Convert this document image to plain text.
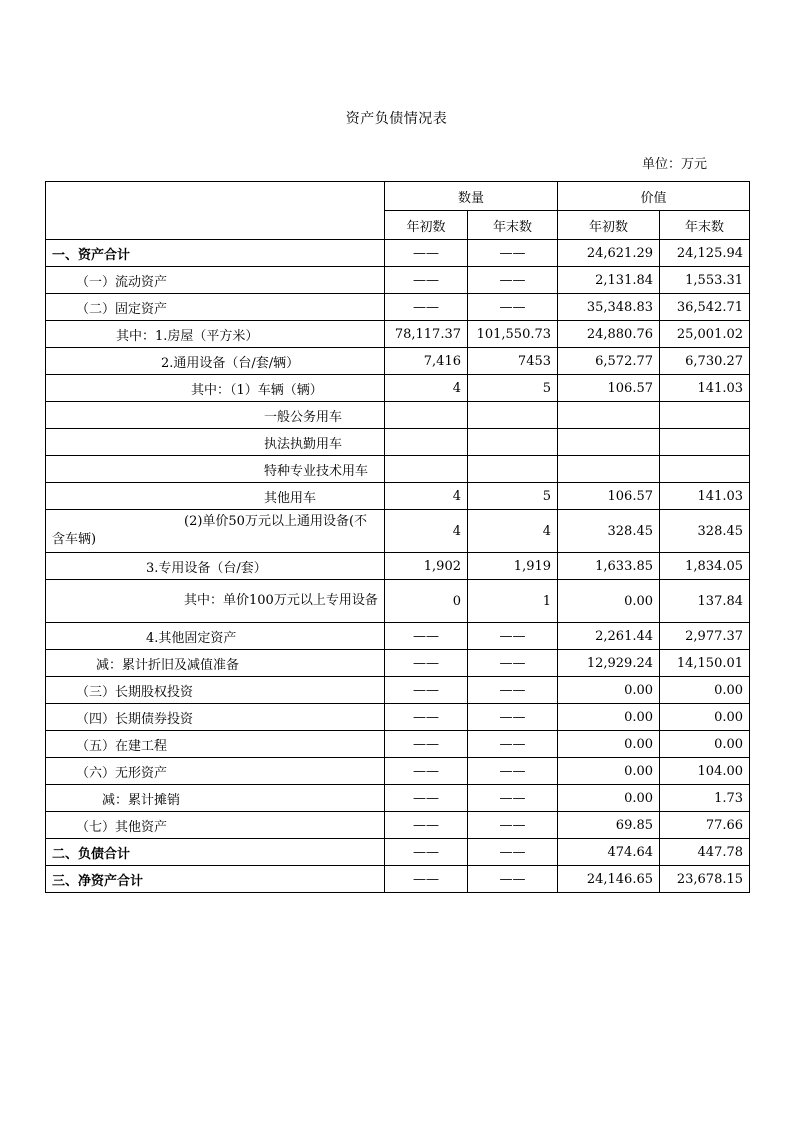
资产负债情况表
单位：万元
	数量		价值	
	年初数	年末数	年初数	年末数
一、资产合计	——	——	24,621.29	24,125.94
（一）流动资产	——	——	2,131.84	1,553.31
（二）固定资产	——	——	35,348.83	36,542.71
其中：1.房屋（平方米）	78,117.37	101,550.73	24,880.76	25,001.02
2.通用设备（台/套/辆）	7,416	7453	6,572.77	6,730.27
其中：（1）车辆（辆）	4	5	106.57	141.03
一般公务用车				
执法执勤用车				
特种专业技术用车				
其他用车	4	5	106.57	141.03
(2)单价50万元以上通用设备(不含车辆)	4	4	328.45	328.45
3.专用设备（台/套）	1,902	1,919	1,633.85	1,834.05
其中：单价100万元以上专用设备	0	1	0.00	137.84
4.其他固定资产	——	——	2,261.44	2,977.37
减：累计折旧及减值准备	——	——	12,929.24	14,150.01
（三）长期股权投资	——	——	0.00	0.00
（四）长期债券投资	——	——	0.00	0.00
（五）在建工程	——	——	0.00	0.00
（六）无形资产	——	——	0.00	104.00
减：累计摊销	——	——	0.00	1.73
（七）其他资产	——	——	69.85	77.66
二、负债合计	——	——	474.64	447.78
三、净资产合计	——	——	24,146.65	23,678.15
